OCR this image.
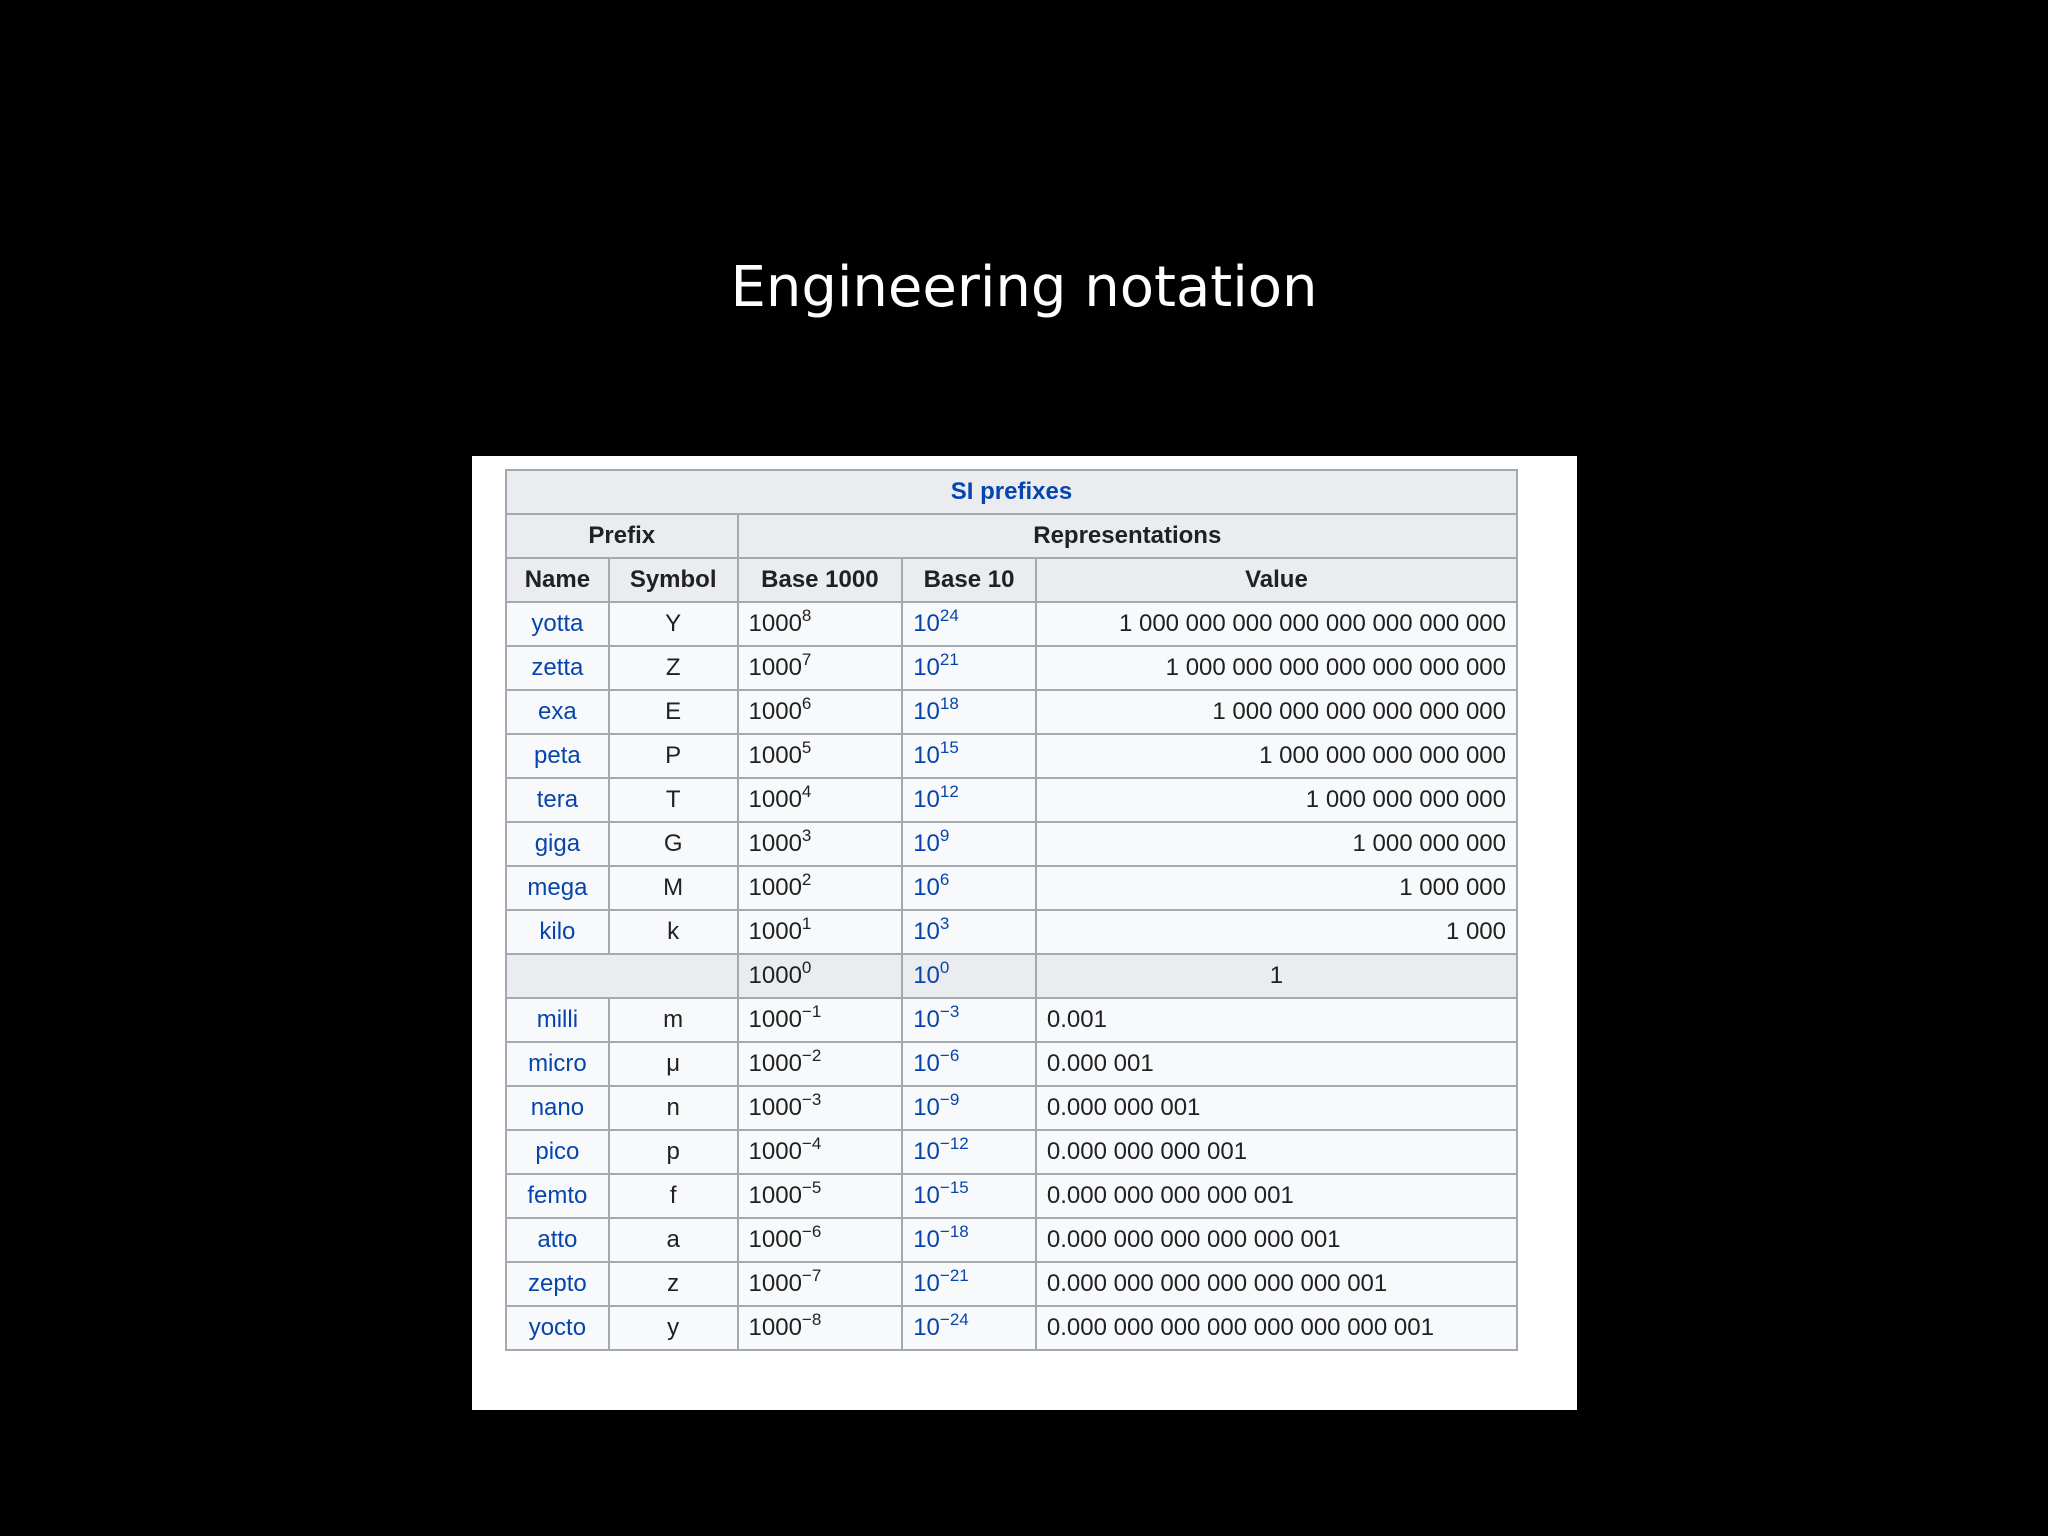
Engineering notation
SI prefixes				
Prefix		Representations		
Name	Symbol	Base 1000	Base 10	Value
yotta	Y	1000$^8$	$10^{24}$	1 000 000 000 000 000 000 000 000
zetta	Z	1000$^7$	$10^{21}$	1 000 000 000 000 000 000 000
exa	E	1000$^6$	$10^{18}$	1 000 000 000 000 000 000
peta	P	1000$^5$	$10^{15}$	1 000 000 000 000 000
tera	T	1000$^4$	$10^{12}$	1 000 000 000 000
giga	G	1000$^3$	$10^9$	1 000 000 000
mega	M	1000$^2$	$10^6$	1 000 000
kilo	k	1000$^1$	$10^3$	1 000
		1000$^0$	$10^0$	1
milli	m	$1000^{-1}$	$10^{-3}$	0.001
micro	μ	$1000^{-2}$	$10^{-6}$	0.000 001
nano	n	$1000^{-3}$	$10^{-9}$	0.000 000 001
pico	p	$1000^{-4}$	$10^{-12}$	0.000 000 000 001
femto	f	$1000^{-5}$	$10^{-15}$	0.000 000 000 000 001
atto	a	$1000^{-6}$	$10^{-18}$	0.000 000 000 000 000 001
zepto	z	$1000^{-7}$	$10^{-21}$	0.000 000 000 000 000 000 001
yocto	y	$1000^{-8}$	$10^{-24}$	0.000 000 000 000 000 000 000 001
